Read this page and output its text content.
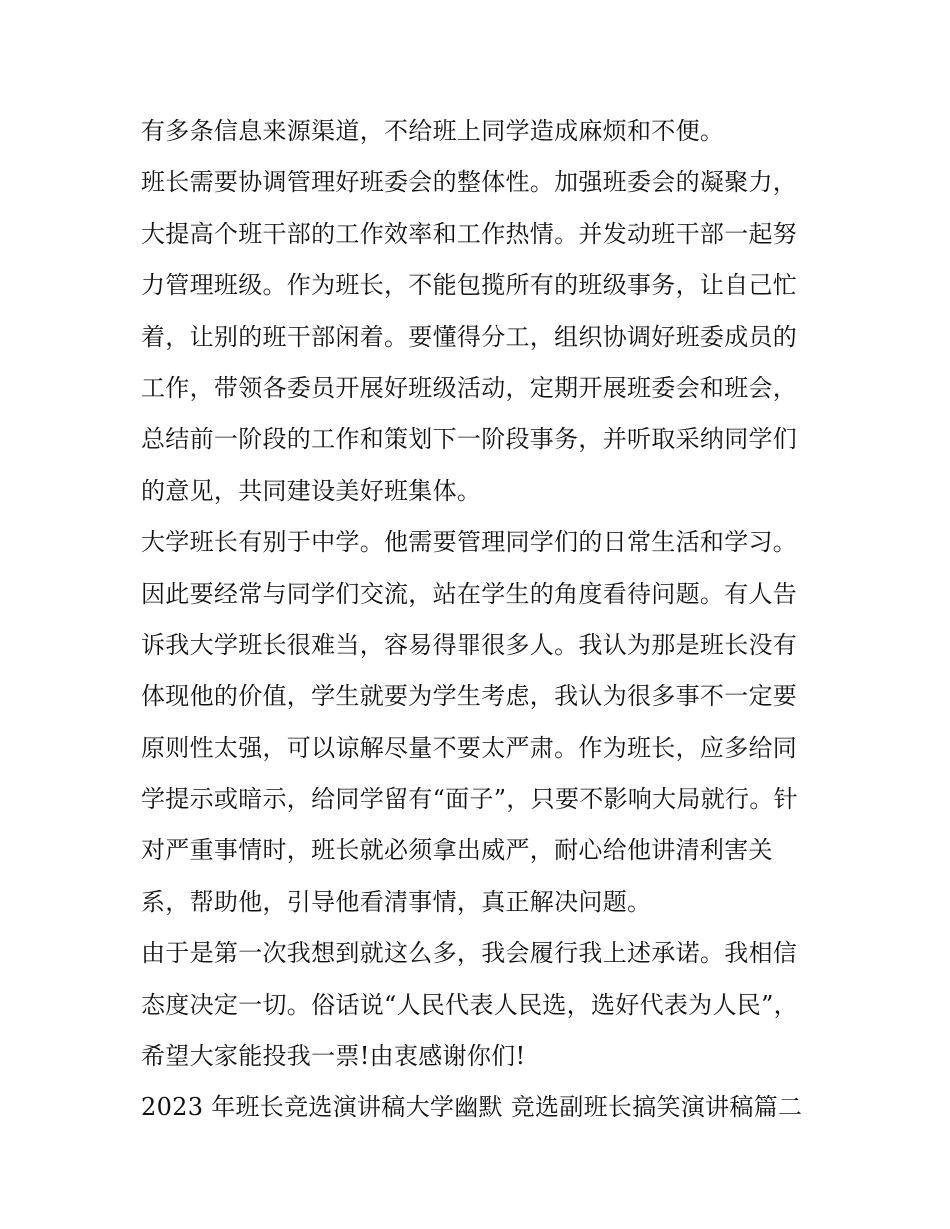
有多条信息来源渠道，不给班上同学造成麻烦和不便。
班长需要协调管理好班委会的整体性。加强班委会的凝聚力，
大提高个班干部的工作效率和工作热情。并发动班干部一起努
力管理班级。作为班长，不能包揽所有的班级事务，让自己忙
着，让别的班干部闲着。要懂得分工，组织协调好班委成员的
工作，带领各委员开展好班级活动，定期开展班委会和班会，
总结前一阶段的工作和策划下一阶段事务，并听取采纳同学们
的意见，共同建设美好班集体。
大学班长有别于中学。他需要管理同学们的日常生活和学习。
因此要经常与同学们交流，站在学生的角度看待问题。有人告
诉我大学班长很难当，容易得罪很多人。我认为那是班长没有
体现他的价值，学生就要为学生考虑，我认为很多事不一定要
原则性太强，可以谅解尽量不要太严肃。作为班长，应多给同
学提示或暗示，给同学留有“面子”，只要不影响大局就行。针
对严重事情时，班长就必须拿出威严，耐心给他讲清利害关
系，帮助他，引导他看清事情，真正解决问题。
由于是第一次我想到就这么多，我会履行我上述承诺。我相信
态度决定一切。俗话说“人民代表人民选，选好代表为人民”，
希望大家能投我一票!由衷感谢你们!
2023 年班长竞选演讲稿大学幽默 竞选副班长搞笑演讲稿篇二
